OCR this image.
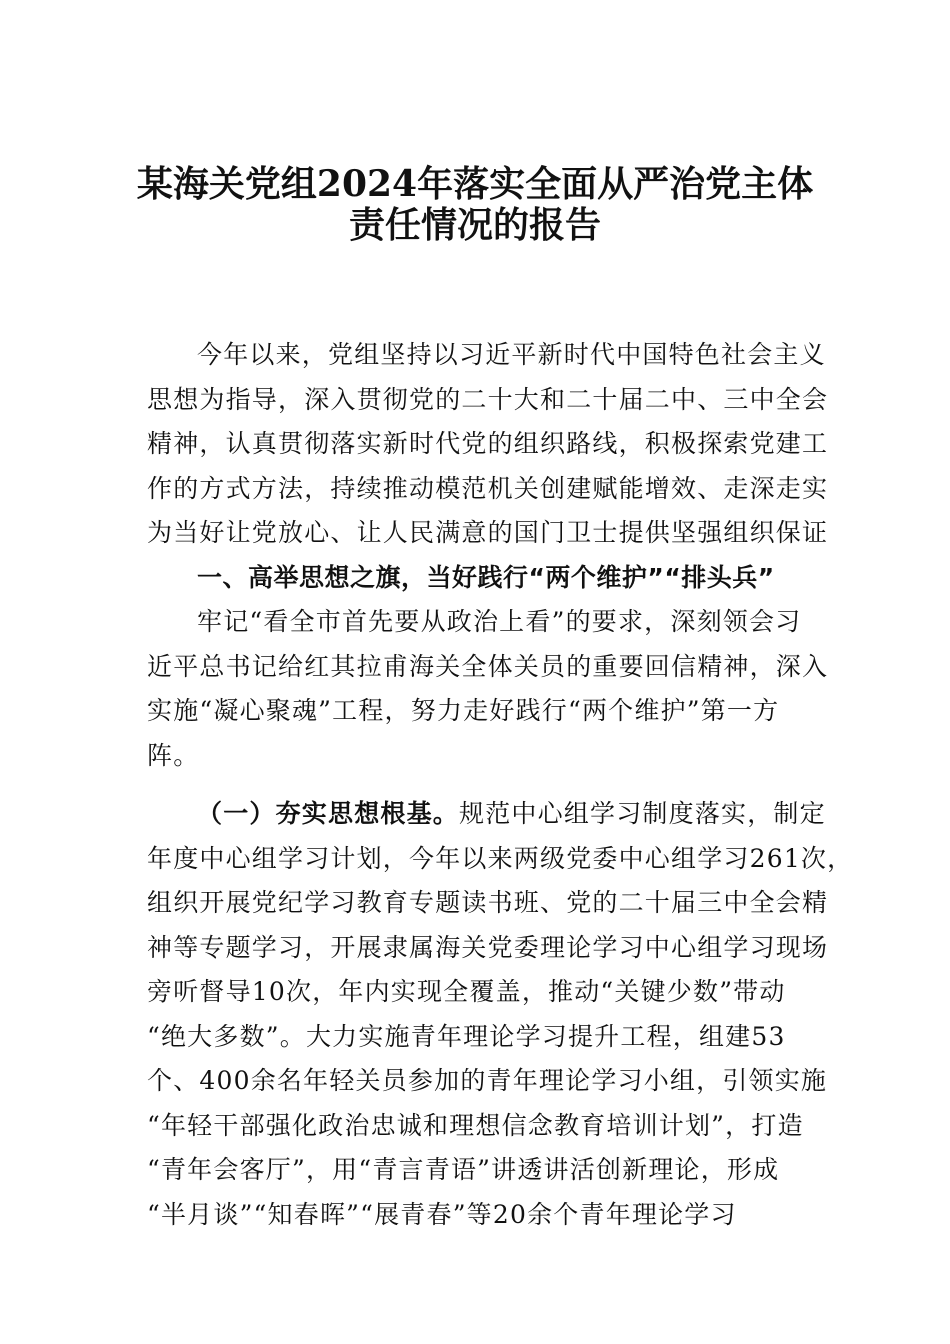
某海关党组2024年落实全面从严治党主体
责任情况的报告
今年以来，党组坚持以习近平新时代中国特色社会主义
思想为指导，深入贯彻党的二十大和二十届二中、三中全会
精神，认真贯彻落实新时代党的组织路线，积极探索党建工
作的方式方法，持续推动模范机关创建赋能增效、走深走实
为当好让党放心、让人民满意的国门卫士提供坚强组织保证
一、高举思想之旗，当好践行“两个维护”“排头兵”
牢记“看全市首先要从政治上看”的要求，深刻领会习
近平总书记给红其拉甫海关全体关员的重要回信精神，深入
实施“凝心聚魂”工程，努力走好践行“两个维护”第一方
阵。
（一）夯实思想根基。规范中心组学习制度落实，制定
年度中心组学习计划，今年以来两级党委中心组学习261次，
组织开展党纪学习教育专题读书班、党的二十届三中全会精
神等专题学习，开展隶属海关党委理论学习中心组学习现场
旁听督导10次，年内实现全覆盖，推动“关键少数”带动
“绝大多数”。大力实施青年理论学习提升工程，组建53
个、400余名年轻关员参加的青年理论学习小组，引领实施
“年轻干部强化政治忠诚和理想信念教育培训计划”，打造
“青年会客厅”，用“青言青语”讲透讲活创新理论，形成
“半月谈”“知春晖”“展青春”等20余个青年理论学习
